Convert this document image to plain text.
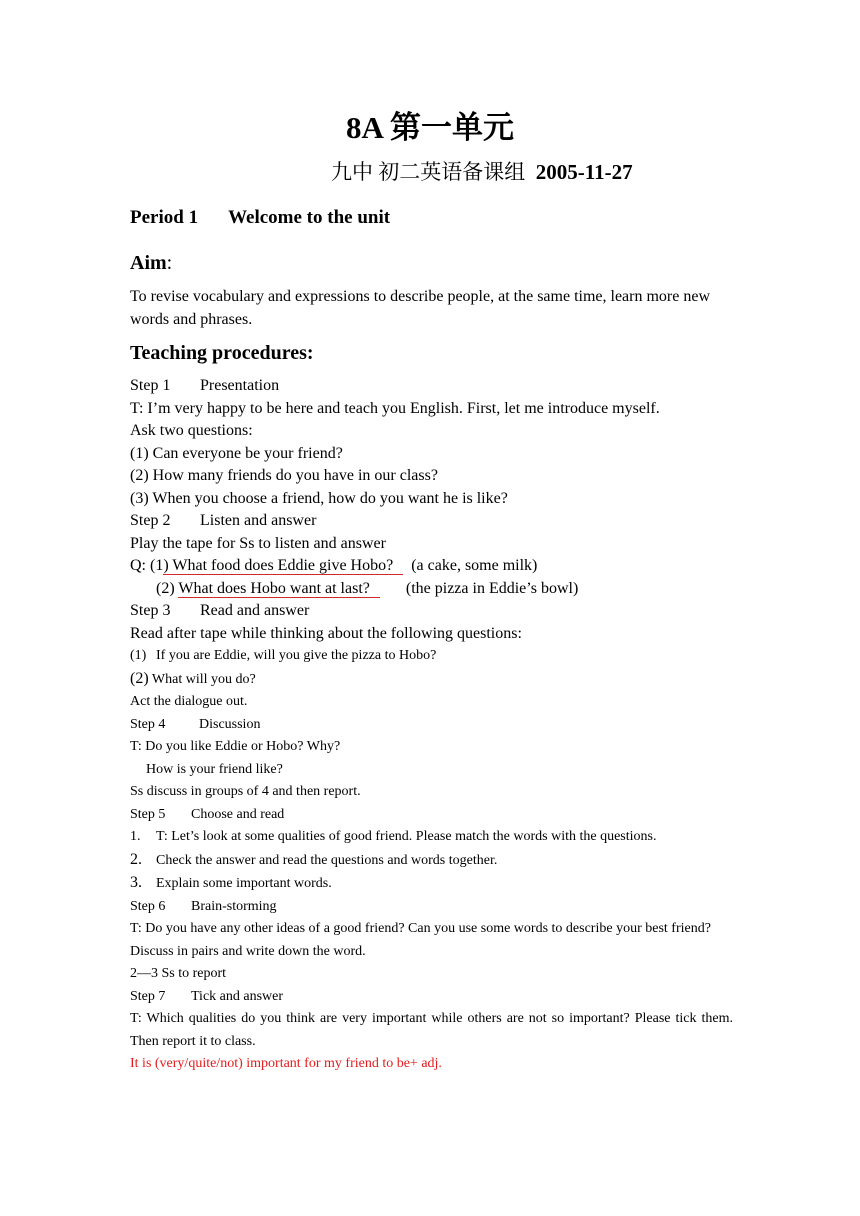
8A 第一单元
九中 初二英语备课组 2005-11-27
Period 1 Welcome to the unit
Aim:
To revise vocabulary and expressions to describe people, at the same time, learn more new words and phrases.
Teaching procedures:
Step 1 Presentation
T: I’m very happy to be here and teach you English. First, let me introduce myself.
Ask two questions:
(1) Can everyone be your friend?
(2) How many friends do you have in our class?
(3) When you choose a friend, how do you want he is like?
Step 2 Listen and answer
Play the tape for Ss to listen and answer
Q: (1) What food does Eddie give Hobo? (a cake, some milk)
(2) What does Hobo want at last? (the pizza in Eddie’s bowl)
Step 3 Read and answer
Read after tape while thinking about the following questions:
(1) If you are Eddie, will you give the pizza to Hobo?
(2) What will you do?
Act the dialogue out.
Step 4 Discussion
T: Do you like Eddie or Hobo? Why?
How is your friend like?
Ss discuss in groups of 4 and then report.
Step 5 Choose and read
1. T: Let’s look at some qualities of good friend. Please match the words with the questions.
2. Check the answer and read the questions and words together.
3. Explain some important words.
Step 6 Brain-storming
T: Do you have any other ideas of a good friend? Can you use some words to describe your best friend?
Discuss in pairs and write down the word.
2—3 Ss to report
Step 7 Tick and answer
T: Which qualities do you think are very important while others are not so important? Please tick them. Then report it to class.
It is (very/quite/not) important for my friend to be+ adj.
